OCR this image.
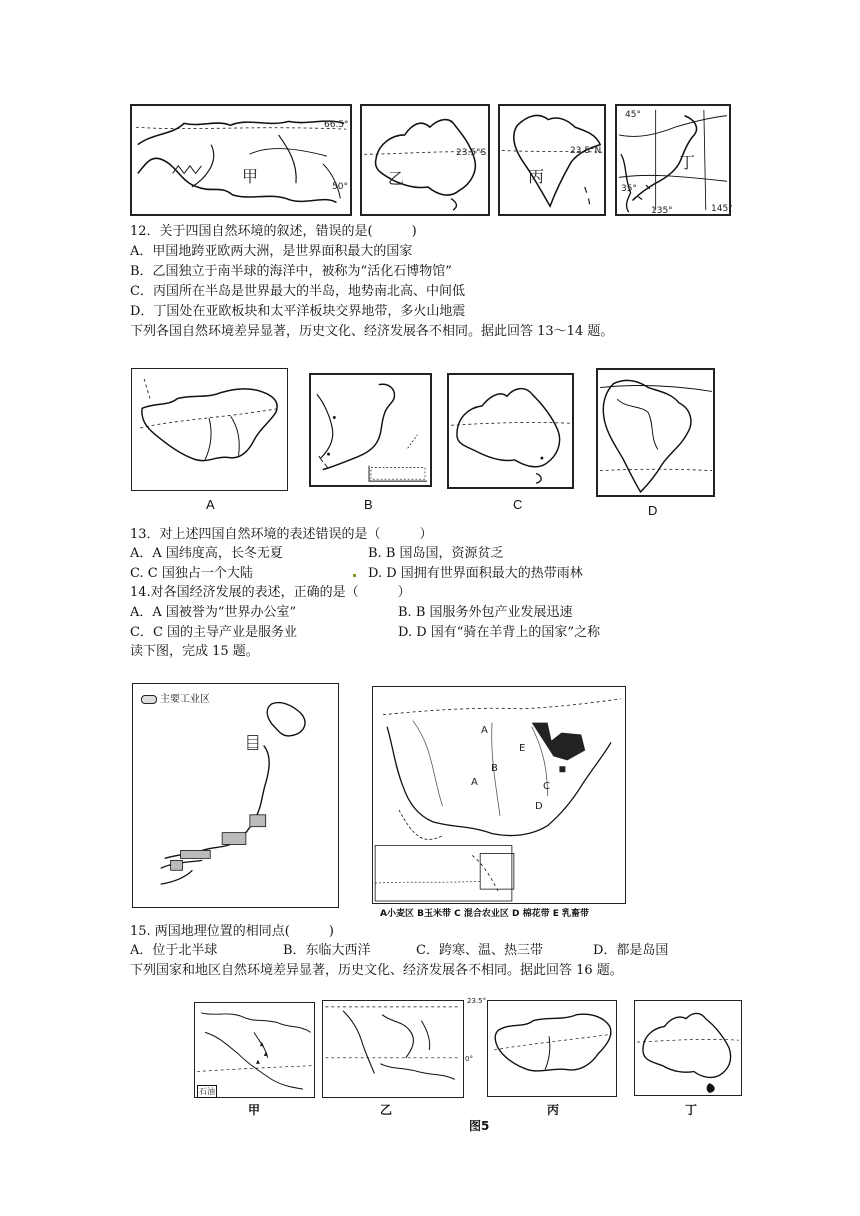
甲
66.5°
50°	乙
23.5°S
丙
23.5°N
丁
45°
35°
135°	145°
12．关于四国自然环境的叙述，错误的是(　　　)
A．甲国地跨亚欧两大洲，是世界面积最大的国家
B．乙国独立于南半球的海洋中，被称为“活化石博物馆”
C．丙国所在半岛是世界最大的半岛，地势南北高、中间低
D．丁国处在亚欧板块和太平洋板块交界地带，多火山地震
下列各国自然环境差异显著，历史文化、经济发展各不相同。据此回答 13～14 题。
A	B	C	D
13．对上述四国自然环境的表述错误的是（　　　）
A．A 国纬度高，长冬无夏	B. B 国岛国，资源贫乏
C. C 国独占一个大陆	D. D 国拥有世界面积最大的热带雨林
14.对各国经济发展的表述，正确的是（　　　）
A．A 国被誉为”世界办公室”	B. B 国服务外包产业发展迅速
C．C 国的主导产业是服务业	D. D 国有“骑在羊背上的国家”之称
读下图，完成 15 题。
主要工业区
A
E
B
A	C
D
A小麦区 B玉米带 C 混合农业区 D 棉花带 E 乳畜带
15. 两国地理位置的相同点(　　　)
A．位于北半球	B．东临大西洋	C．跨寒、温、热三带	D．都是岛国
下列国家和地区自然环境差异显著，历史文化、经济发展各不相同。据此回答 16 题。
石油
甲
23.5°
0°
乙	丙	丁
图5
